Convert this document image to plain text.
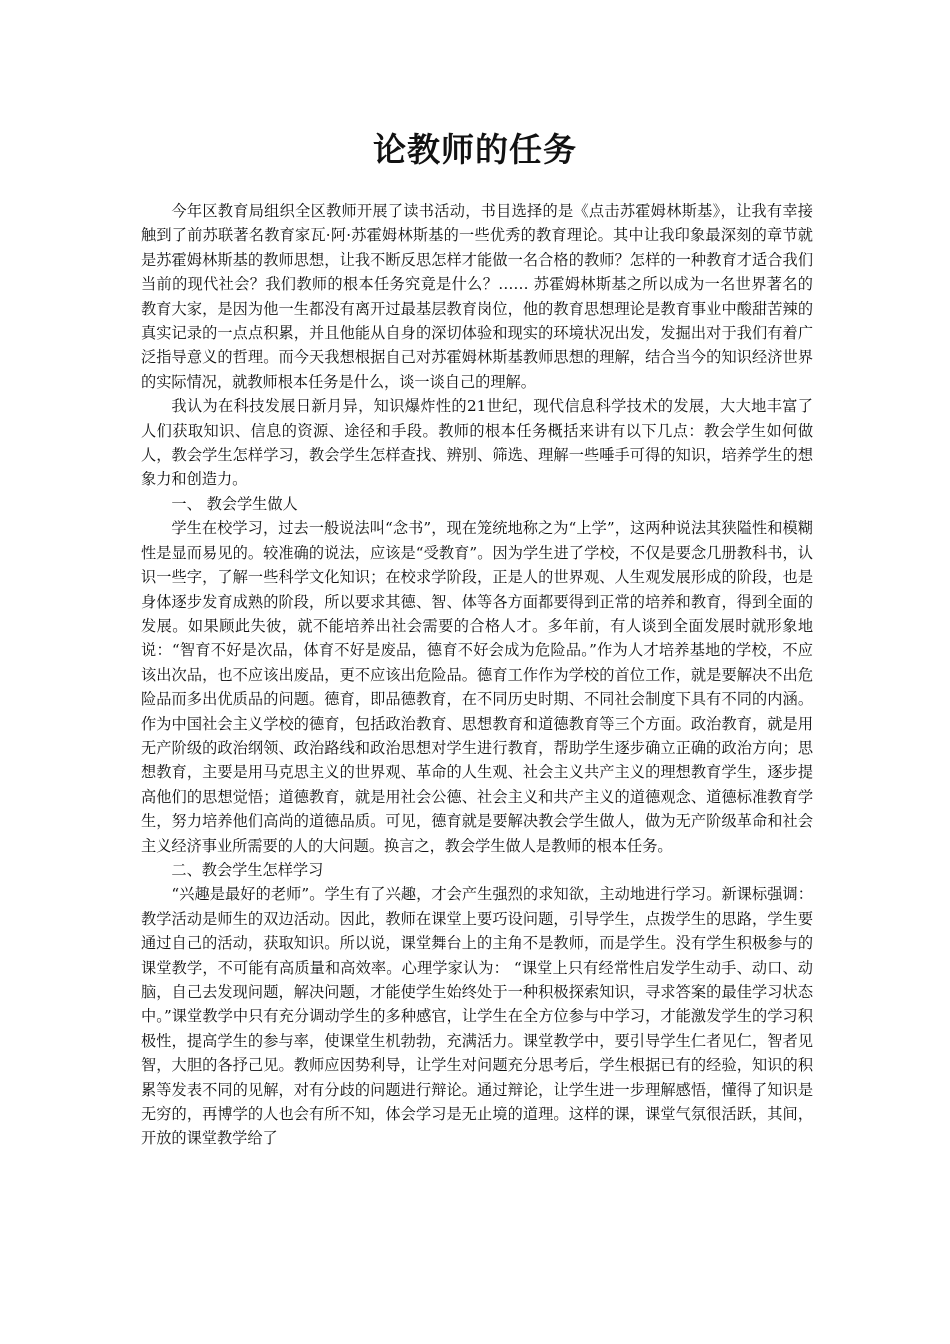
论教师的任务

今年区教育局组织全区教师开展了读书活动，书目选择的是《点击苏霍姆林斯基》，让我有幸接触到了前苏联著名教育家瓦·阿·苏霍姆林斯基的一些优秀的教育理论。其中让我印象最深刻的章节就是苏霍姆林斯基的教师思想，让我不断反思怎样才能做一名合格的教师？怎样的一种教育才适合我们当前的现代社会？我们教师的根本任务究竟是什么？…… 苏霍姆林斯基之所以成为一名世界著名的教育大家，是因为他一生都没有离开过最基层教育岗位，他的教育思想理论是教育事业中酸甜苦辣的真实记录的一点点积累，并且他能从自身的深切体验和现实的环境状况出发，发掘出对于我们有着广泛指导意义的哲理。而今天我想根据自己对苏霍姆林斯基教师思想的理解，结合当今的知识经济世界的实际情况，就教师根本任务是什么，谈一谈自己的理解。

我认为在科技发展日新月异，知识爆炸性的21世纪，现代信息科学技术的发展，大大地丰富了人们获取知识、信息的资源、途径和手段。教师的根本任务概括来讲有以下几点：教会学生如何做人，教会学生怎样学习，教会学生怎样查找、辨别、筛选、理解一些唾手可得的知识，培养学生的想象力和创造力。

一、 教会学生做人

学生在校学习，过去一般说法叫“念书”，现在笼统地称之为“上学”，这两种说法其狭隘性和模糊性是显而易见的。较准确的说法，应该是“受教育”。因为学生进了学校，不仅是要念几册教科书，认识一些字，了解一些科学文化知识；在校求学阶段，正是人的世界观、人生观发展形成的阶段，也是身体逐步发育成熟的阶段，所以要求其德、智、体等各方面都要得到正常的培养和教育，得到全面的发展。如果顾此失彼，就不能培养出社会需要的合格人才。多年前，有人谈到全面发展时就形象地说：“智育不好是次品，体育不好是废品，德育不好会成为危险品。”作为人才培养基地的学校，不应该出次品，也不应该出废品，更不应该出危险品。德育工作作为学校的首位工作，就是要解决不出危险品而多出优质品的问题。德育，即品德教育，在不同历史时期、不同社会制度下具有不同的内涵。作为中国社会主义学校的德育，包括政治教育、思想教育和道德教育等三个方面。政治教育，就是用无产阶级的政治纲领、政治路线和政治思想对学生进行教育，帮助学生逐步确立正确的政治方向；思想教育，主要是用马克思主义的世界观、革命的人生观、社会主义共产主义的理想教育学生，逐步提高他们的思想觉悟；道德教育，就是用社会公德、社会主义和共产主义的道德观念、道德标准教育学生，努力培养他们高尚的道德品质。可见，德育就是要解决教会学生做人，做为无产阶级革命和社会主义经济事业所需要的人的大问题。换言之，教会学生做人是教师的根本任务。

二、教会学生怎样学习

“兴趣是最好的老师”。学生有了兴趣，才会产生强烈的求知欲，主动地进行学习。新课标强调：教学活动是师生的双边活动。因此，教师在课堂上要巧设问题，引导学生，点拨学生的思路，学生要通过自己的活动，获取知识。所以说，课堂舞台上的主角不是教师，而是学生。没有学生积极参与的课堂教学，不可能有高质量和高效率。心理学家认为： “课堂上只有经常性启发学生动手、动口、动脑，自己去发现问题，解决问题，才能使学生始终处于一种积极探索知识，寻求答案的最佳学习状态中。”课堂教学中只有充分调动学生的多种感官，让学生在全方位参与中学习，才能激发学生的学习积极性，提高学生的参与率，使课堂生机勃勃，充满活力。课堂教学中，要引导学生仁者见仁，智者见智，大胆的各抒己见。教师应因势利导，让学生对问题充分思考后，学生根据已有的经验，知识的积累等发表不同的见解，对有分歧的问题进行辩论。通过辩论，让学生进一步理解感悟，懂得了知识是无穷的，再博学的人也会有所不知，体会学习是无止境的道理。这样的课，课堂气氛很活跃，其间，开放的课堂教学给了
